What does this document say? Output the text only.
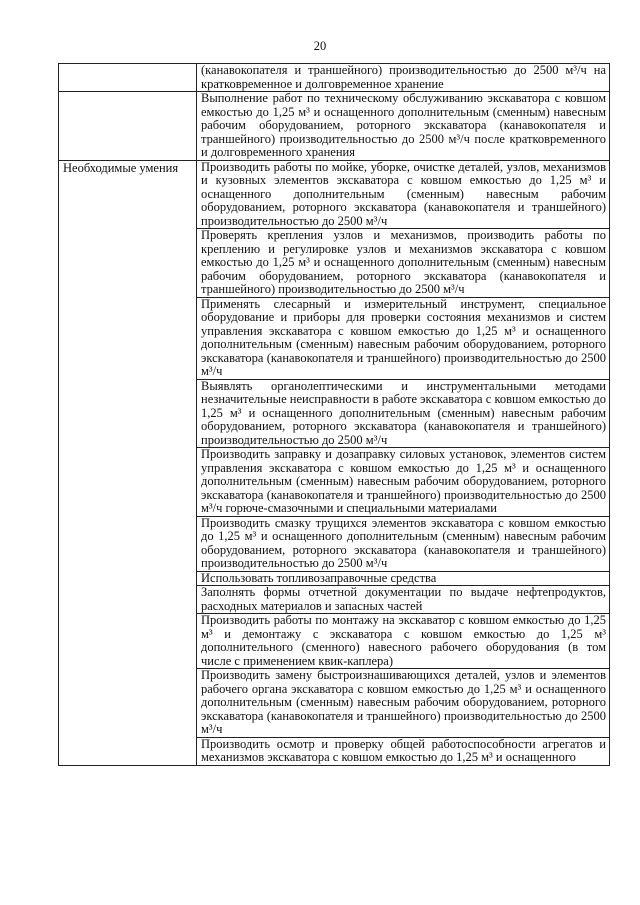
20
	(канавокопателя и траншейного) производительностью до 2500 м³/ч на кратковременное и долговременное хранение
	Выполнение работ по техническому обслуживанию экскаватора с ковшом емкостью до 1,25 м³ и оснащенного дополнительным (сменным) навесным рабочим оборудованием, роторного экскаватора (канавокопателя и траншейного) производительностью до 2500 м³/ч после кратковременного и долговременного хранения

Необходимые умения	Производить работы по мойке, уборке, очистке деталей, узлов, механизмов и кузовных элементов экскаватора с ковшом емкостью до 1,25 м³ и оснащенного дополнительным (сменным) навесным рабочим оборудованием, роторного экскаватора (канавокопателя и траншейного) производительностью до 2500 м³/ч
	Проверять крепления узлов и механизмов, производить работы по креплению и регулировке узлов и механизмов экскаватора с ковшом емкостью до 1,25 м³ и оснащенного дополнительным (сменным) навесным рабочим оборудованием, роторного экскаватора (канавокопателя и траншейного) производительностью до 2500 м³/ч
	Применять слесарный и измерительный инструмент, специальное оборудование и приборы для проверки состояния механизмов и систем управления экскаватора с ковшом емкостью до 1,25 м³ и оснащенного дополнительным (сменным) навесным рабочим оборудованием, роторного экскаватора (канавокопателя и траншейного) производительностью до 2500 м³/ч
	Выявлять органолептическими и инструментальными методами незначительные неисправности в работе экскаватора с ковшом емкостью до 1,25 м³ и оснащенного дополнительным (сменным) навесным рабочим оборудованием, роторного экскаватора (канавокопателя и траншейного) производительностью до 2500 м³/ч
	Производить заправку и дозаправку силовых установок, элементов систем управления экскаватора с ковшом емкостью до 1,25 м³ и оснащенного дополнительным (сменным) навесным рабочим оборудованием, роторного экскаватора (канавокопателя и траншейного) производительностью до 2500 м³/ч горюче-смазочными и специальными материалами
	Производить смазку трущихся элементов экскаватора с ковшом емкостью до 1,25 м³ и оснащенного дополнительным (сменным) навесным рабочим оборудованием, роторного экскаватора (канавокопателя и траншейного) производительностью до 2500 м³/ч
	Использовать топливозаправочные средства
	Заполнять формы отчетной документации по выдаче нефтепродуктов, расходных материалов и запасных частей
	Производить работы по монтажу на экскаватор с ковшом емкостью до 1,25 м³ и демонтажу с экскаватора с ковшом емкостью до 1,25 м³ дополнительного (сменного) навесного рабочего оборудования (в том числе с применением квик-каплера)
	Производить замену быстроизнашивающихся деталей, узлов и элементов рабочего органа экскаватора с ковшом емкостью до 1,25 м³ и оснащенного дополнительным (сменным) навесным рабочим оборудованием, роторного экскаватора (канавокопателя и траншейного) производительностью до 2500 м³/ч
	Производить осмотр и проверку общей работоспособности агрегатов и механизмов экскаватора с ковшом емкостью до 1,25 м³ и оснащенного
